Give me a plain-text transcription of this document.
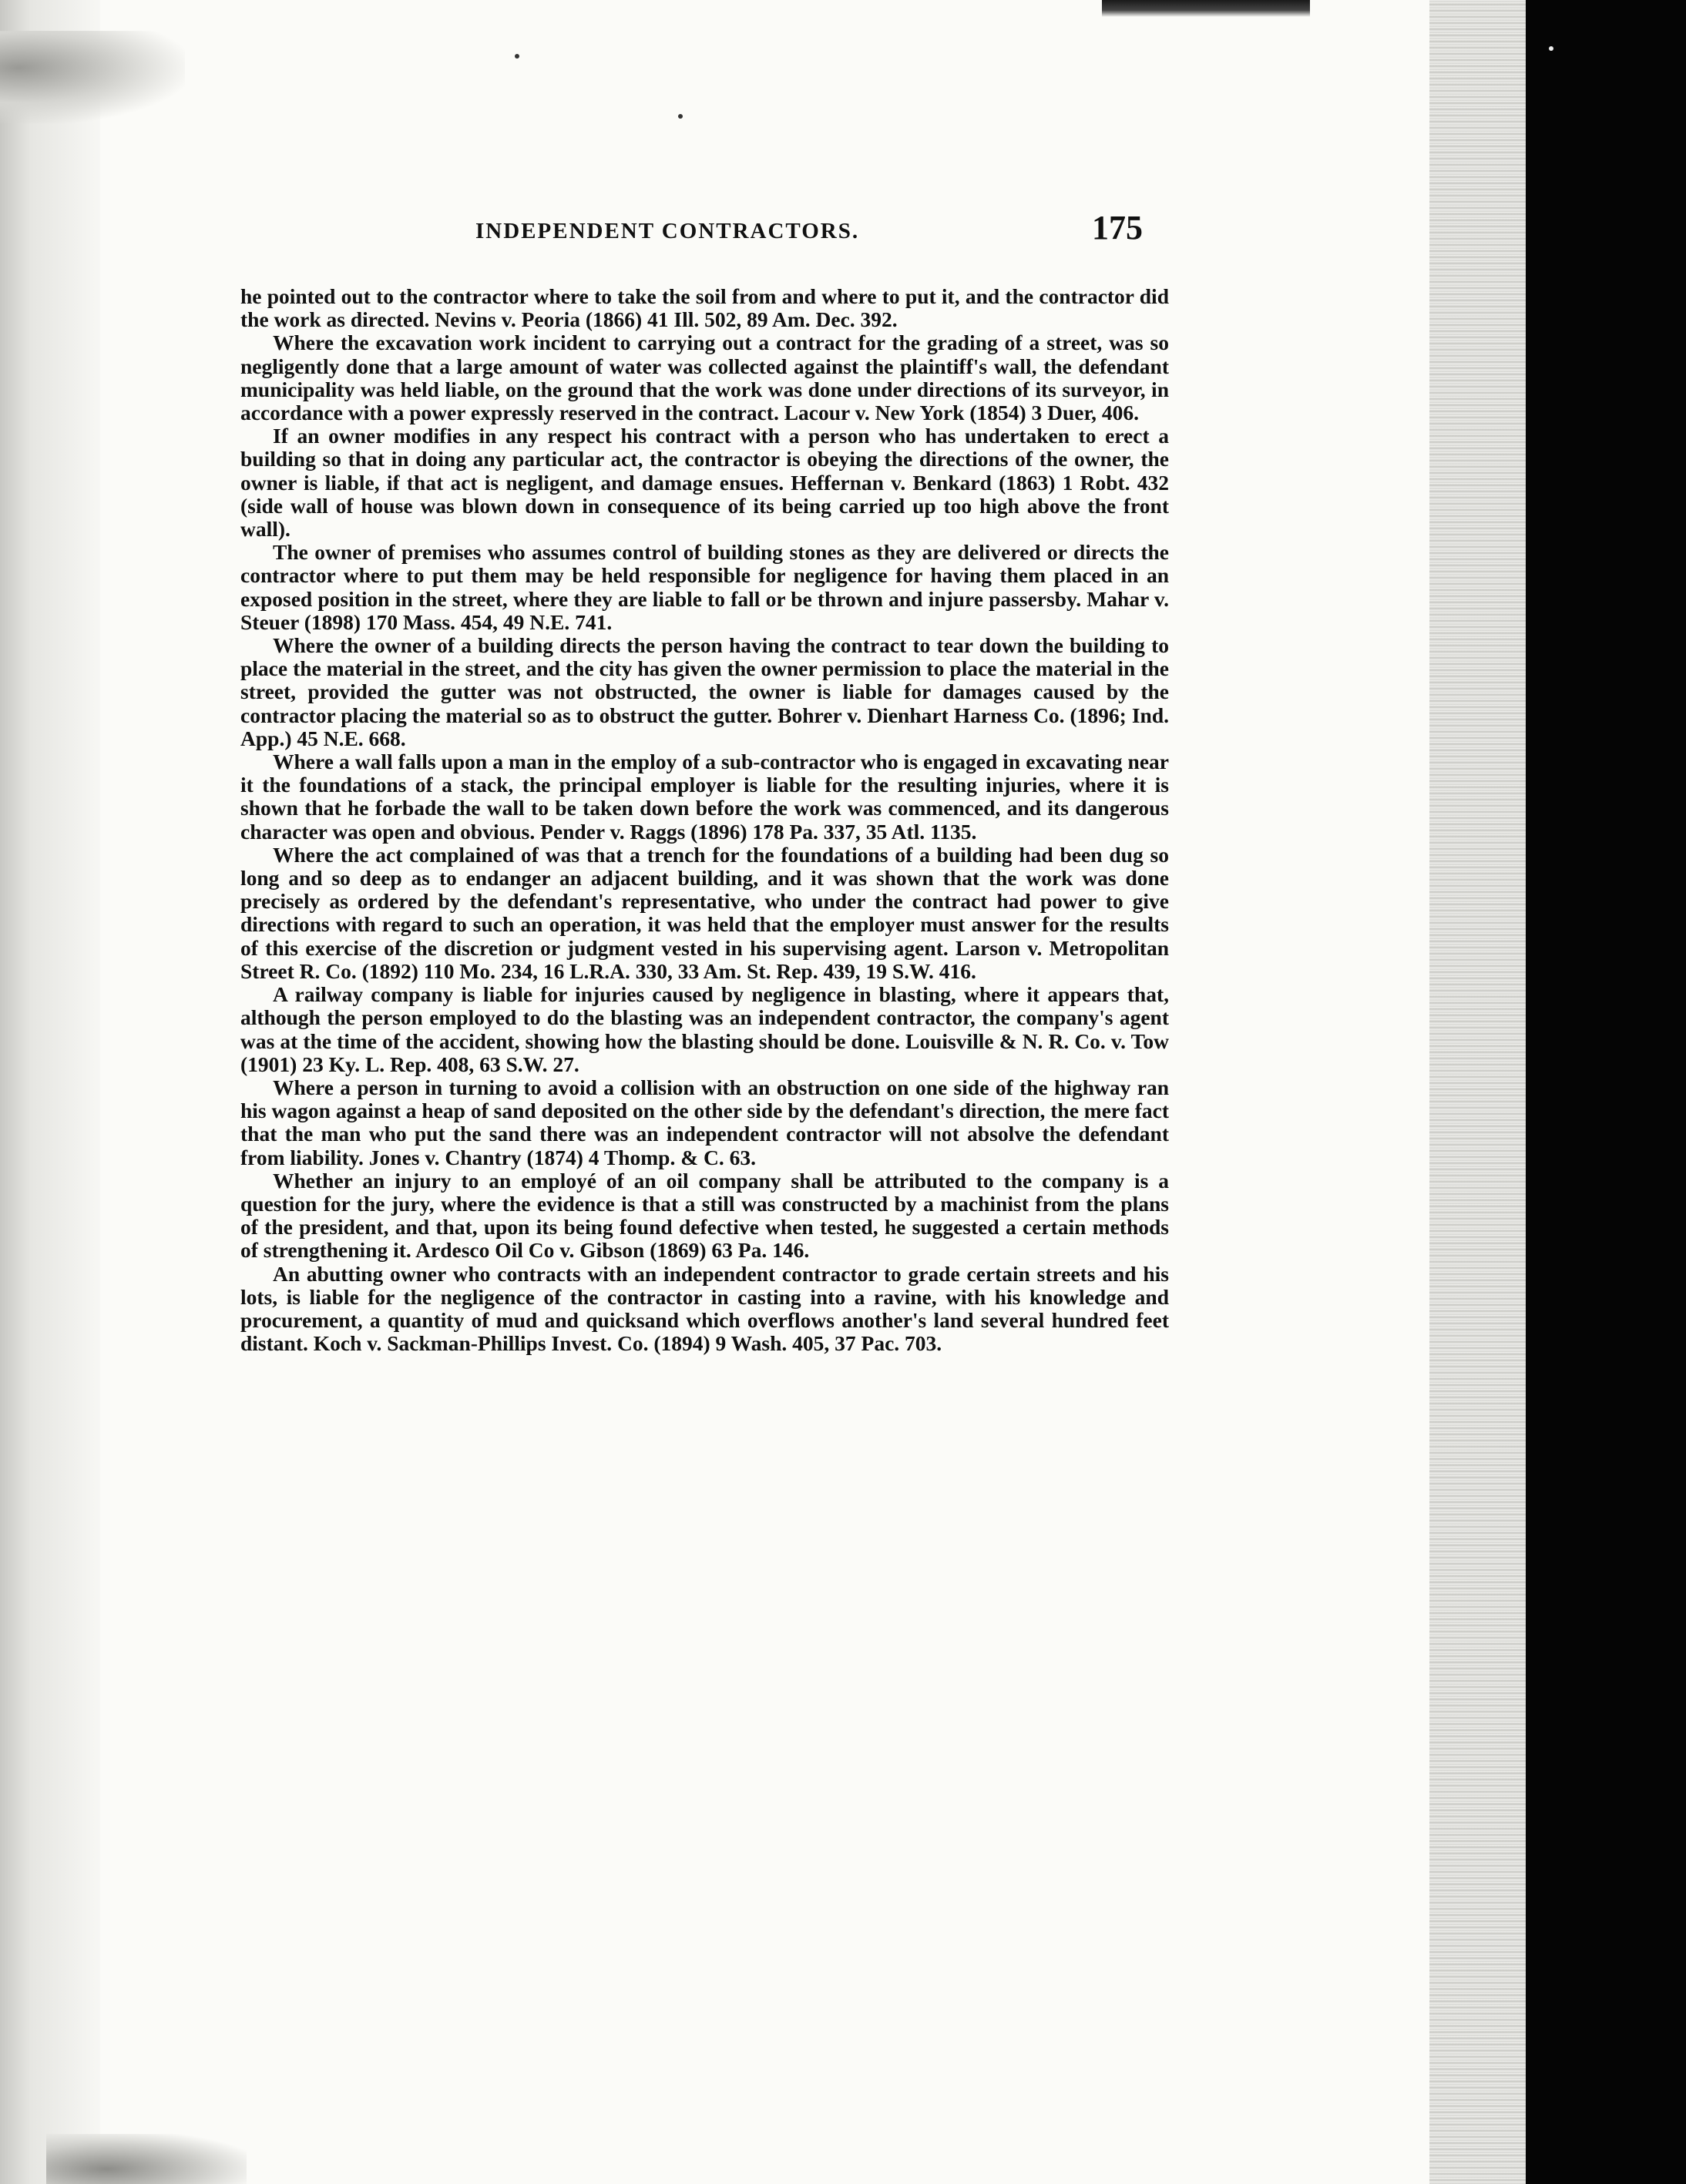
INDEPENDENT CONTRACTORS.	175

he pointed out to the contractor where to take the soil from and where to put it, and the contractor did the work as directed. Nevins v. Peoria (1866) 41 Ill. 502, 89 Am. Dec. 392.

Where the excavation work incident to carrying out a contract for the grading of a street, was so negligently done that a large amount of water was collected against the plaintiff's wall, the defendant municipality was held liable, on the ground that the work was done under directions of its surveyor, in accordance with a power expressly reserved in the contract. Lacour v. New York (1854) 3 Duer, 406.

If an owner modifies in any respect his contract with a person who has undertaken to erect a building so that in doing any particular act, the contractor is obeying the directions of the owner, the owner is liable, if that act is negligent, and damage ensues. Heffernan v. Benkard (1863) 1 Robt. 432 (side wall of house was blown down in consequence of its being carried up too high above the front wall).

The owner of premises who assumes control of building stones as they are delivered or directs the contractor where to put them may be held responsible for negligence for having them placed in an exposed position in the street, where they are liable to fall or be thrown and injure passersby. Mahar v. Steuer (1898) 170 Mass. 454, 49 N.E. 741.

Where the owner of a building directs the person having the contract to tear down the building to place the material in the street, and the city has given the owner permission to place the material in the street, provided the gutter was not obstructed, the owner is liable for damages caused by the contractor placing the material so as to obstruct the gutter. Bohrer v. Dienhart Harness Co. (1896; Ind. App.) 45 N.E. 668.

Where a wall falls upon a man in the employ of a sub-contractor who is engaged in excavating near it the foundations of a stack, the principal employer is liable for the resulting injuries, where it is shown that he forbade the wall to be taken down before the work was commenced, and its dangerous character was open and obvious. Pender v. Raggs (1896) 178 Pa. 337, 35 Atl. 1135.

Where the act complained of was that a trench for the foundations of a building had been dug so long and so deep as to endanger an adjacent building, and it was shown that the work was done precisely as ordered by the defendant's representative, who under the contract had power to give directions with regard to such an operation, it was held that the employer must answer for the results of this exercise of the discretion or judgment vested in his supervising agent. Larson v. Metropolitan Street R. Co. (1892) 110 Mo. 234, 16 L.R.A. 330, 33 Am. St. Rep. 439, 19 S.W. 416.

A railway company is liable for injuries caused by negligence in blasting, where it appears that, although the person employed to do the blasting was an independent contractor, the company's agent was at the time of the accident, showing how the blasting should be done. Louisville & N. R. Co. v. Tow (1901) 23 Ky. L. Rep. 408, 63 S.W. 27.

Where a person in turning to avoid a collision with an obstruction on one side of the highway ran his wagon against a heap of sand deposited on the other side by the defendant's direction, the mere fact that the man who put the sand there was an independent contractor will not absolve the defendant from liability. Jones v. Chantry (1874) 4 Thomp. & C. 63.

Whether an injury to an employé of an oil company shall be attributed to the company is a question for the jury, where the evidence is that a still was constructed by a machinist from the plans of the president, and that, upon its being found defective when tested, he suggested a certain methods of strengthening it. Ardesco Oil Co v. Gibson (1869) 63 Pa. 146.

An abutting owner who contracts with an independent contractor to grade certain streets and his lots, is liable for the negligence of the contractor in casting into a ravine, with his knowledge and procurement, a quantity of mud and quicksand which overflows another's land several hundred feet distant. Koch v. Sackman-Phillips Invest. Co. (1894) 9 Wash. 405, 37 Pac. 703.
